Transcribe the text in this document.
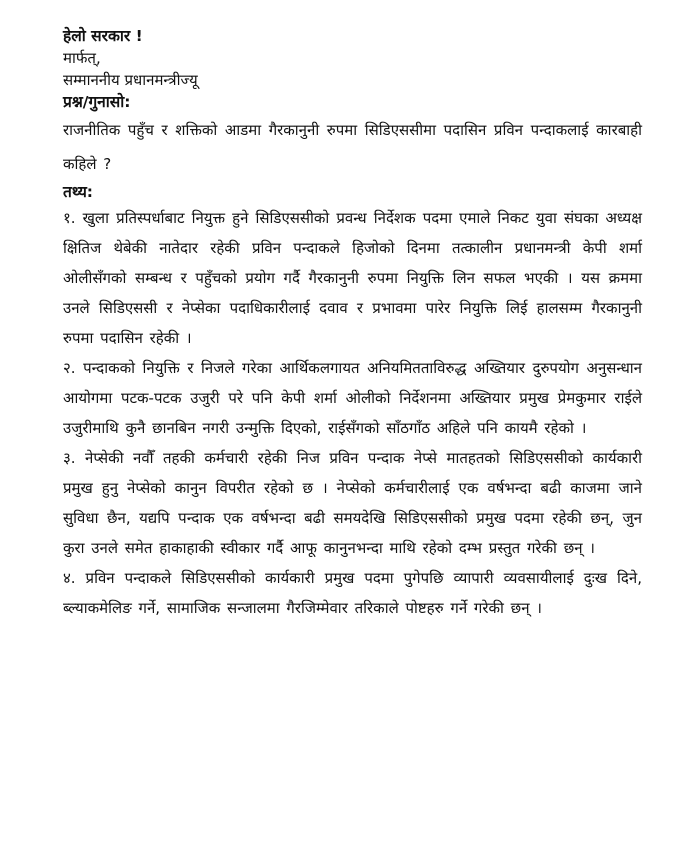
हेलो सरकार !

मार्फत्,

सम्माननीय प्रधानमन्त्रीज्यू

प्रश्न/गुनासो:

राजनीतिक पहुँच र शक्तिको आडमा गैरकानुनी रुपमा सिडिएससीमा पदासिन प्रविन पन्दाकलाई कारबाही कहिले ?

तथ्य:

१. खुला प्रतिस्पर्धाबाट नियुक्त हुने सिडिएससीको प्रवन्ध निर्देशक पदमा एमाले निकट युवा संघका अध्यक्ष क्षितिज थेबेकी नातेदार रहेकी प्रविन पन्दाकले हिजोको दिनमा तत्कालीन प्रधानमन्त्री केपी शर्मा ओलीसँगको सम्बन्ध र पहुँचको प्रयोग गर्दै गैरकानुनी रुपमा नियुक्ति लिन सफल भएकी । यस क्रममा उनले सिडिएससी र नेप्सेका पदाधिकारीलाई दवाव र प्रभावमा पारेर नियुक्ति लिई हालसम्म गैरकानुनी रुपमा पदासिन रहेकी ।

२. पन्दाकको नियुक्ति र निजले गरेका आर्थिकलगायत अनियमितताविरुद्ध अख्तियार दुरुपयोग अनुसन्धान आयोगमा पटक-पटक उजुरी परे पनि केपी शर्मा ओलीको निर्देशनमा अख्तियार प्रमुख प्रेमकुमार राईले उजुरीमाथि कुनै छानबिन नगरी उन्मुक्ति दिएको, राईसँगको साँठगाँठ अहिले पनि कायमै रहेको ।

३. नेप्सेकी नवौँ तहकी कर्मचारी रहेकी निज प्रविन पन्दाक नेप्से मातहतको सिडिएससीको कार्यकारी प्रमुख हुनु नेप्सेको कानुन विपरीत रहेको छ । नेप्सेको कर्मचारीलाई एक वर्षभन्दा बढी काजमा जाने सुविधा छैन, यद्यपि पन्दाक एक वर्षभन्दा बढी समयदेखि सिडिएससीको प्रमुख पदमा रहेकी छन्, जुन कुरा उनले समेत हाकाहाकी स्वीकार गर्दै आफू कानुनभन्दा माथि रहेको दम्भ प्रस्तुत गरेकी छन् ।

४. प्रविन पन्दाकले सिडिएससीको कार्यकारी प्रमुख पदमा पुगेपछि व्यापारी व्यवसायीलाई दुःख दिने, ब्ल्याकमेलिङ गर्ने, सामाजिक सन्जालमा गैरजिम्मेवार तरिकाले पोष्टहरु गर्ने गरेकी छन् ।
